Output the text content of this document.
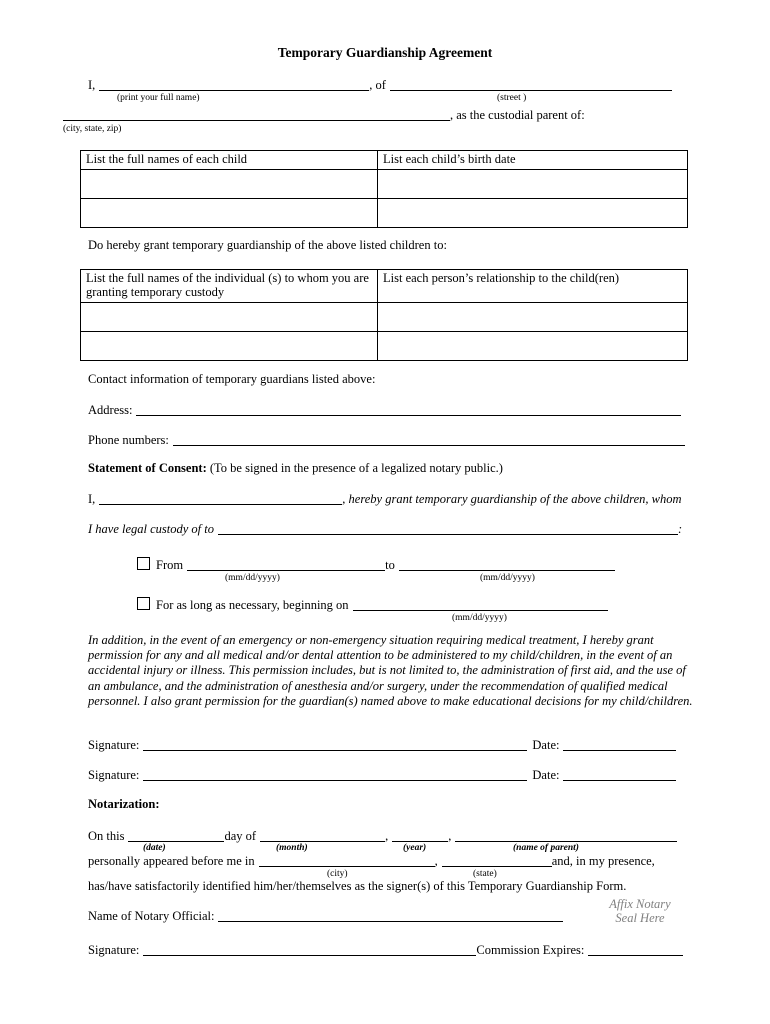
Temporary Guardianship Agreement
I,	, of
(print your full name)	(street )
, as the custodial parent of:
(city, state, zip)
List the full names of each child	List each child’s birth date

Do hereby grant temporary guardianship of the above listed children to:
List the full names of the individual (s) to whom you are granting temporary custody	List each person’s relationship to the child(ren)

Contact information of temporary guardians listed above:
Address:
Phone numbers:
Statement of Consent: (To be signed in the presence of a legalized notary public.)
I,	, hereby grant temporary guardianship of the above children, whom
I have legal custody of to	:
From	to
(mm/dd/yyyy)	(mm/dd/yyyy)
For as long as necessary, beginning on
(mm/dd/yyyy)
In addition, in the event of an emergency or non-emergency situation requiring medical treatment, I hereby grant permission for any and all medical and/or dental attention to be administered to my child/children, in the event of an accidental injury or illness. This permission includes, but is not limited to, the administration of first aid, and the use of an ambulance, and the administration of anesthesia and/or surgery, under the recommendation of qualified medical personnel. I also grant permission for the guardian(s) named above to make educational decisions for my child/children.
Signature:	Date:
Signature:	Date:
Notarization:
On this	day of	,	,
(date)	(month)	(year)	(name of parent)
personally appeared before me in	,	and, in my presence,
(city)	(state)
has/have satisfactorily identified him/her/themselves as the signer(s) of this Temporary Guardianship Form.
Affix Notary
Seal Here
Name of Notary Official:
Signature:	Commission Expires:
